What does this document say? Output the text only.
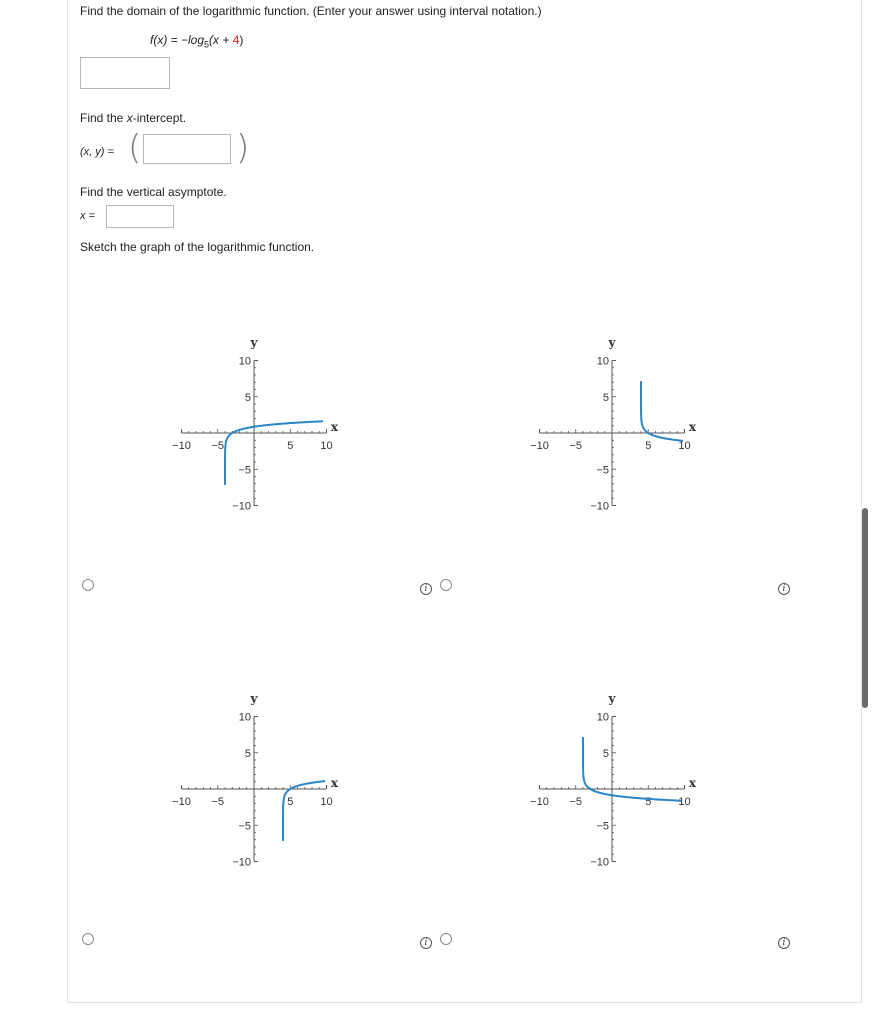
Find the domain of the logarithmic function. (Enter your answer using interval notation.)
$f(x) = -\log_5(x + 4)$
Find the x-intercept.
(x, y) = (	)
Find the vertical asymptote.
x =
Sketch the graph of the logarithmic function.
−10 −5	5 10
10
5
−5
−10
x
y
−10 −5	5 10
10
5
−5
−10
x
y
−10 −5	5 10
10
5
−5
−10
x
y
−10 −5	5 10
10
5
−5
−10
x
y
i	i
i	i
